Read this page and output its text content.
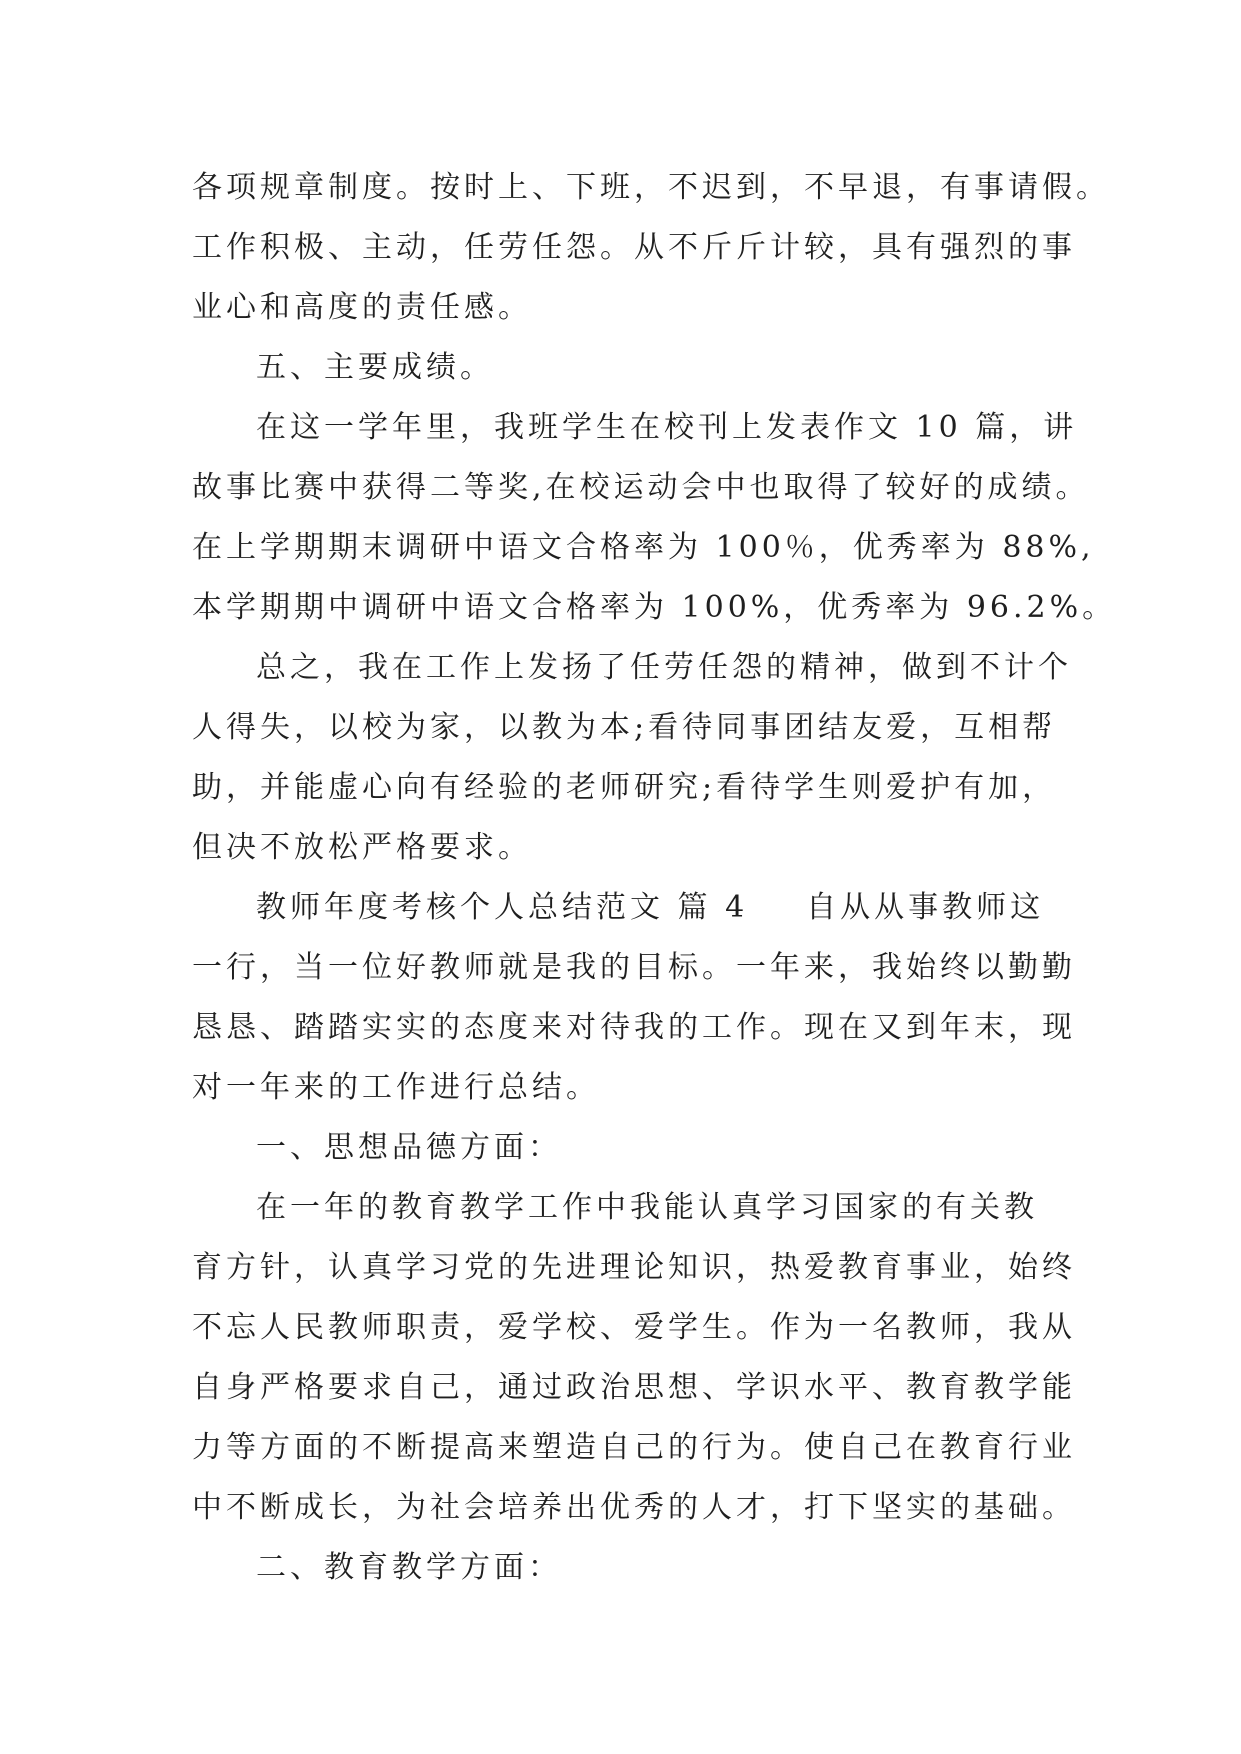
各项规章制度。按时上、下班，不迟到，不早退，有事请假。
工作积极、主动，任劳任怨。从不斤斤计较，具有强烈的事
业心和高度的责任感。
五、主要成绩。
在这一学年里，我班学生在校刊上发表作文 10 篇，讲
故事比赛中获得二等奖,在校运动会中也取得了较好的成绩。
在上学期期末调研中语文合格率为 100％，优秀率为 88%,
本学期期中调研中语文合格率为 100%，优秀率为 96.2%。
总之，我在工作上发扬了任劳任怨的精神，做到不计个
人得失，以校为家，以教为本;看待同事团结友爱，互相帮
助，并能虚心向有经验的老师研究;看待学生则爱护有加，
但决不放松严格要求。
教师年度考核个人总结范文 篇 4 自从从事教师这
一行，当一位好教师就是我的目标。一年来，我始终以勤勤
恳恳、踏踏实实的态度来对待我的工作。现在又到年末，现
对一年来的工作进行总结。
一、思想品德方面：
在一年的教育教学工作中我能认真学习国家的有关教
育方针，认真学习党的先进理论知识，热爱教育事业，始终
不忘人民教师职责，爱学校、爱学生。作为一名教师，我从
自身严格要求自己，通过政治思想、学识水平、教育教学能
力等方面的不断提高来塑造自己的行为。使自己在教育行业
中不断成长，为社会培养出优秀的人才，打下坚实的基础。
二、教育教学方面：
